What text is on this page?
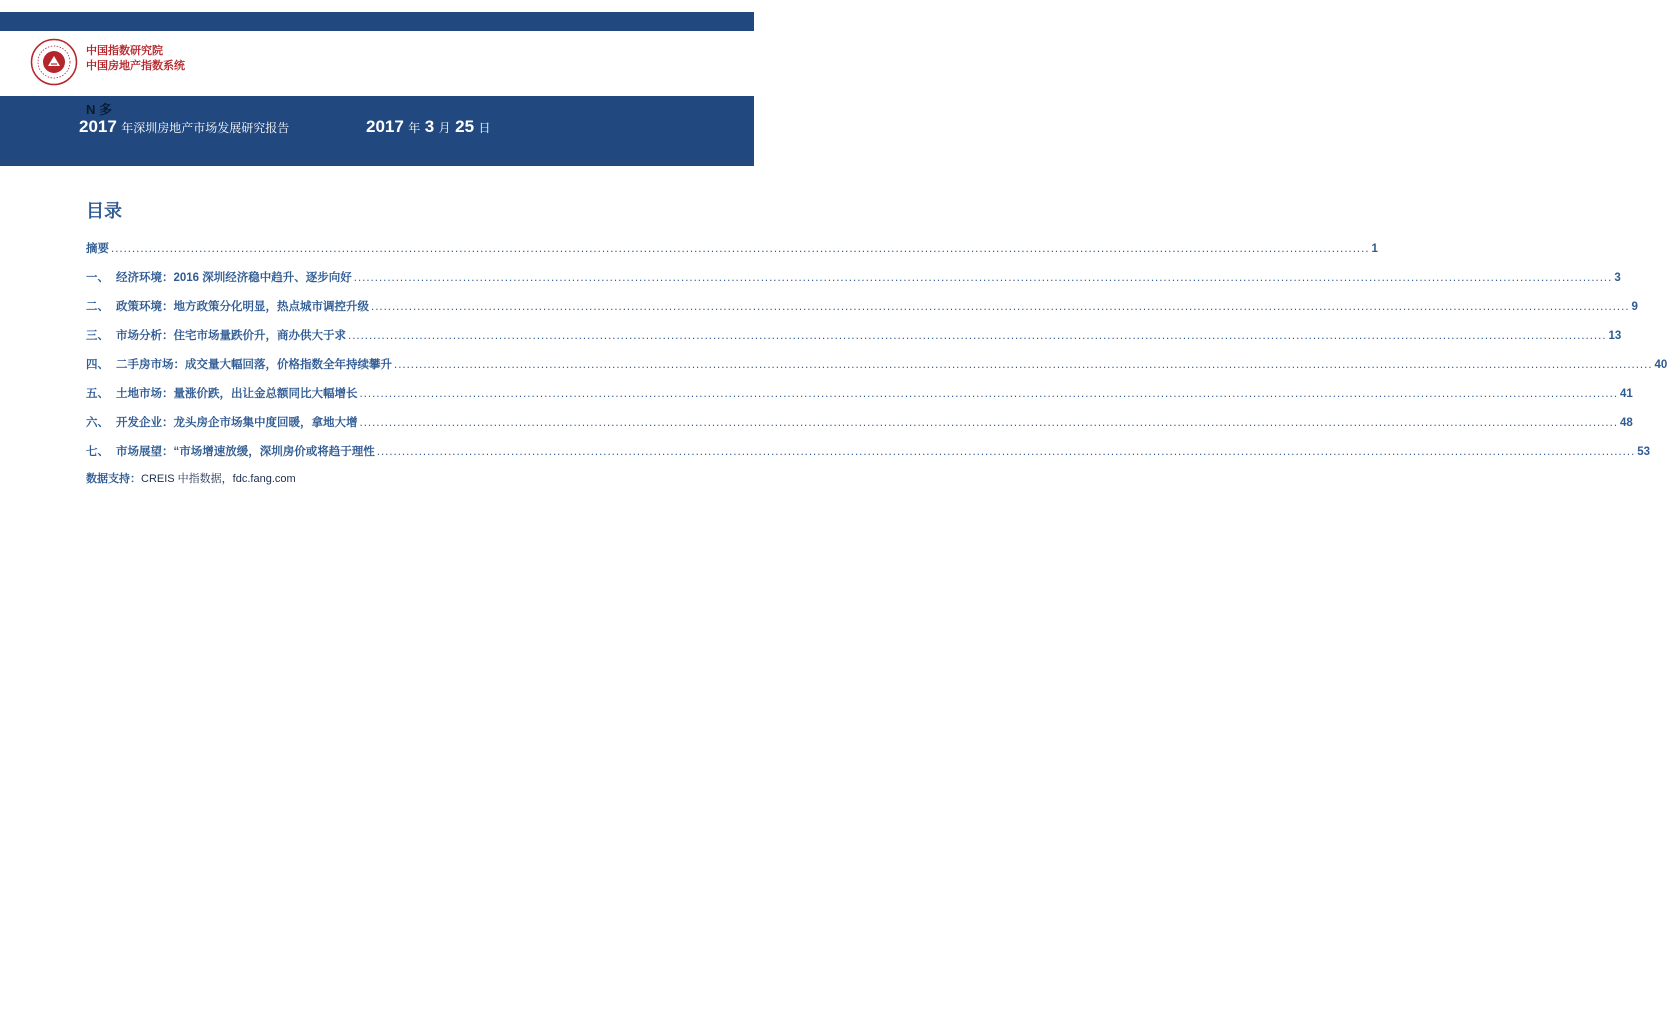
中国指数研究院
中国房地产指数系统
N 多
2017 年深圳房地产市场发展研究报告	2017 年 3 月 25 日
目录
摘要 ............................................................................................................................................................................................................................................................................................................ 1
一、 经济环境：2016 深圳经济稳中趋升、逐步向好 ............................................................................................................................................................................................................................................................................................................ 3
二、 政策环境：地方政策分化明显，热点城市调控升级 ............................................................................................................................................................................................................................................................................................................ 9
三、 市场分析：住宅市场量跌价升，商办供大于求 ............................................................................................................................................................................................................................................................................................................ 13
四、 二手房市场：成交量大幅回落，价格指数全年持续攀升 ............................................................................................................................................................................................................................................................................................................ 40
五、 土地市场：量涨价跌，出让金总额同比大幅增长 ............................................................................................................................................................................................................................................................................................................ 41
六、 开发企业：龙头房企市场集中度回暖，拿地大增 ............................................................................................................................................................................................................................................................................................................ 48
七、 市场展望：“市场增速放缓，深圳房价或将趋于理性 ............................................................................................................................................................................................................................................................................................................ 53
数据支持：CREIS 中指数据，fdc.fang.com
